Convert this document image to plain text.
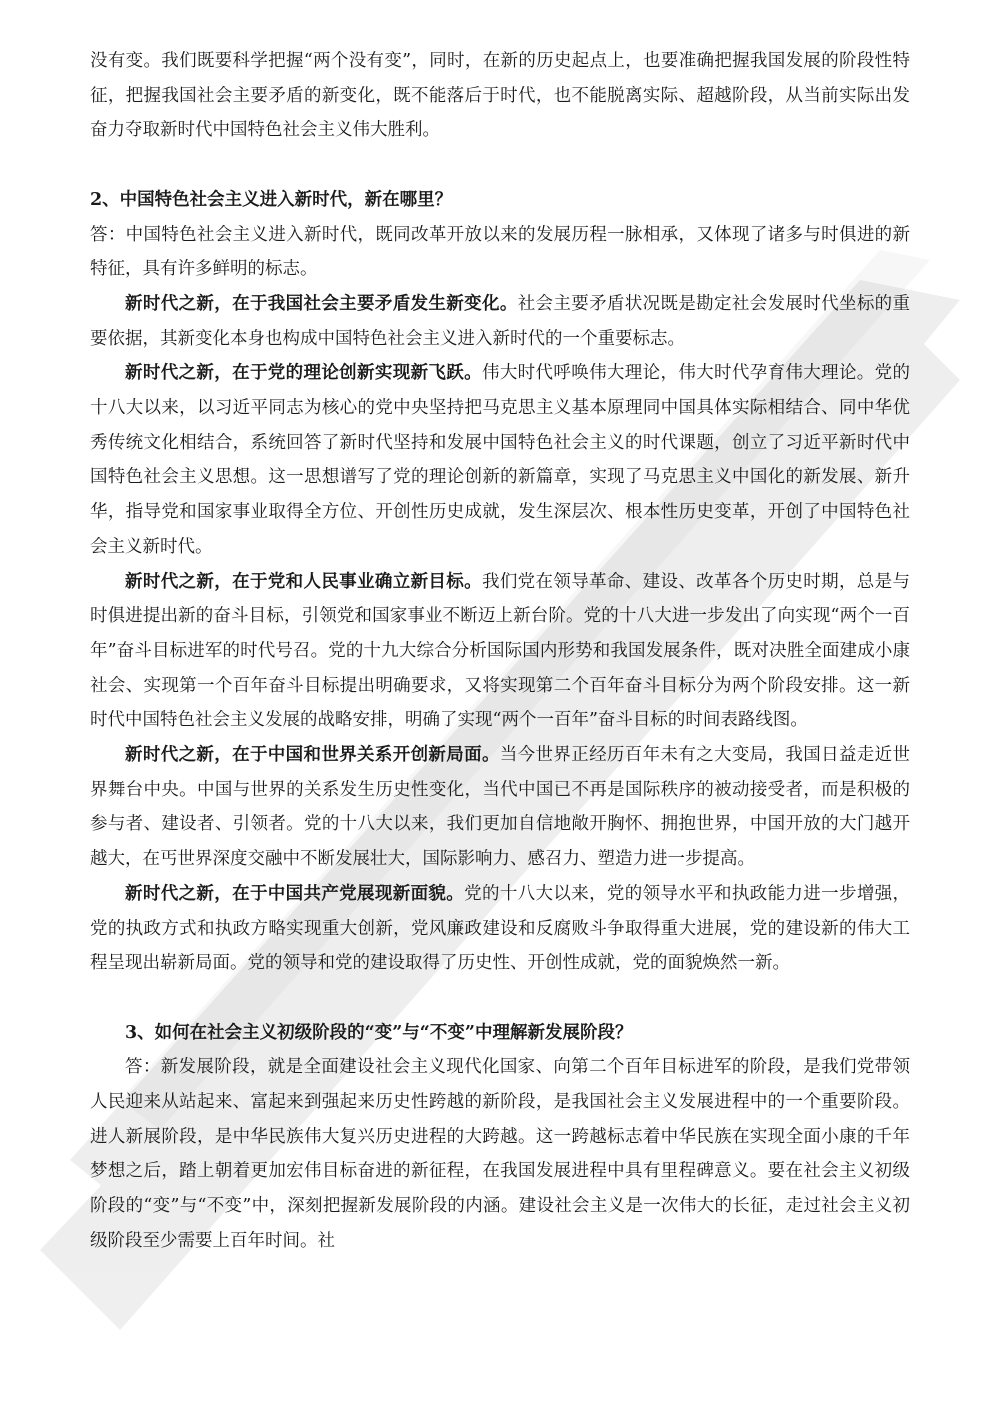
没有变。我们既要科学把握“两个没有变”，同时，在新的历史起点上，也要准确把握我国发展的阶段性特征，把握我国社会主要矛盾的新变化，既不能落后于时代，也不能脱离实际、超越阶段，从当前实际出发奋力夺取新时代中国特色社会主义伟大胜利。

2、中国特色社会主义进入新时代，新在哪里？

答：中国特色社会主义进入新时代，既同改革开放以来的发展历程一脉相承，又体现了诸多与时俱进的新特征，具有许多鲜明的标志。

新时代之新，在于我国社会主要矛盾发生新变化。社会主要矛盾状况既是勘定社会发展时代坐标的重要依据，其新变化本身也构成中国特色社会主义进入新时代的一个重要标志。

新时代之新，在于党的理论创新实现新飞跃。伟大时代呼唤伟大理论，伟大时代孕育伟大理论。党的十八大以来，以习近平同志为核心的党中央坚持把马克思主义基本原理同中国具体实际相结合、同中华优秀传统文化相结合，系统回答了新时代坚持和发展中国特色社会主义的时代课题，创立了习近平新时代中国特色社会主义思想。这一思想谱写了党的理论创新的新篇章，实现了马克思主义中国化的新发展、新升华，指导党和国家事业取得全方位、开创性历史成就，发生深层次、根本性历史变革，开创了中国特色社会主义新时代。

新时代之新，在于党和人民事业确立新目标。我们党在领导革命、建设、改革各个历史时期，总是与时俱进提出新的奋斗目标，引领党和国家事业不断迈上新台阶。党的十八大进一步发出了向实现“两个一百年”奋斗目标进军的时代号召。党的十九大综合分析国际国内形势和我国发展条件，既对决胜全面建成小康社会、实现第一个百年奋斗目标提出明确要求，又将实现第二个百年奋斗目标分为两个阶段安排。这一新时代中国特色社会主义发展的战略安排，明确了实现“两个一百年”奋斗目标的时间表路线图。

新时代之新，在于中国和世界关系开创新局面。当今世界正经历百年未有之大变局，我国日益走近世界舞台中央。中国与世界的关系发生历史性变化，当代中国已不再是国际秩序的被动接受者，而是积极的参与者、建设者、引领者。党的十八大以来，我们更加自信地敞开胸怀、拥抱世界，中国开放的大门越开越大，在丐世界深度交融中不断发展壮大，国际影响力、感召力、塑造力进一步提高。

新时代之新，在于中国共产党展现新面貌。党的十八大以来，党的领导水平和执政能力进一步增强，党的执政方式和执政方略实现重大创新，党风廉政建设和反腐败斗争取得重大进展，党的建设新的伟大工程呈现出崭新局面。党的领导和党的建设取得了历史性、开创性成就，党的面貌焕然一新。

3、如何在社会主义初级阶段的“变”与“不变”中理解新发展阶段？

答：新发展阶段，就是全面建设社会主义现代化国家、向第二个百年目标进军的阶段，是我们党带领人民迎来从站起来、富起来到强起来历史性跨越的新阶段，是我国社会主义发展进程中的一个重要阶段。进人新展阶段，是中华民族伟大复兴历史进程的大跨越。这一跨越标志着中华民族在实现全面小康的千年梦想之后，踏上朝着更加宏伟目标奋进的新征程，在我国发展进程中具有里程碑意义。要在社会主义初级阶段的“变”与“不变”中，深刻把握新发展阶段的内涵。建设社会主义是一次伟大的长征，走过社会主义初级阶段至少需要上百年时间。社
